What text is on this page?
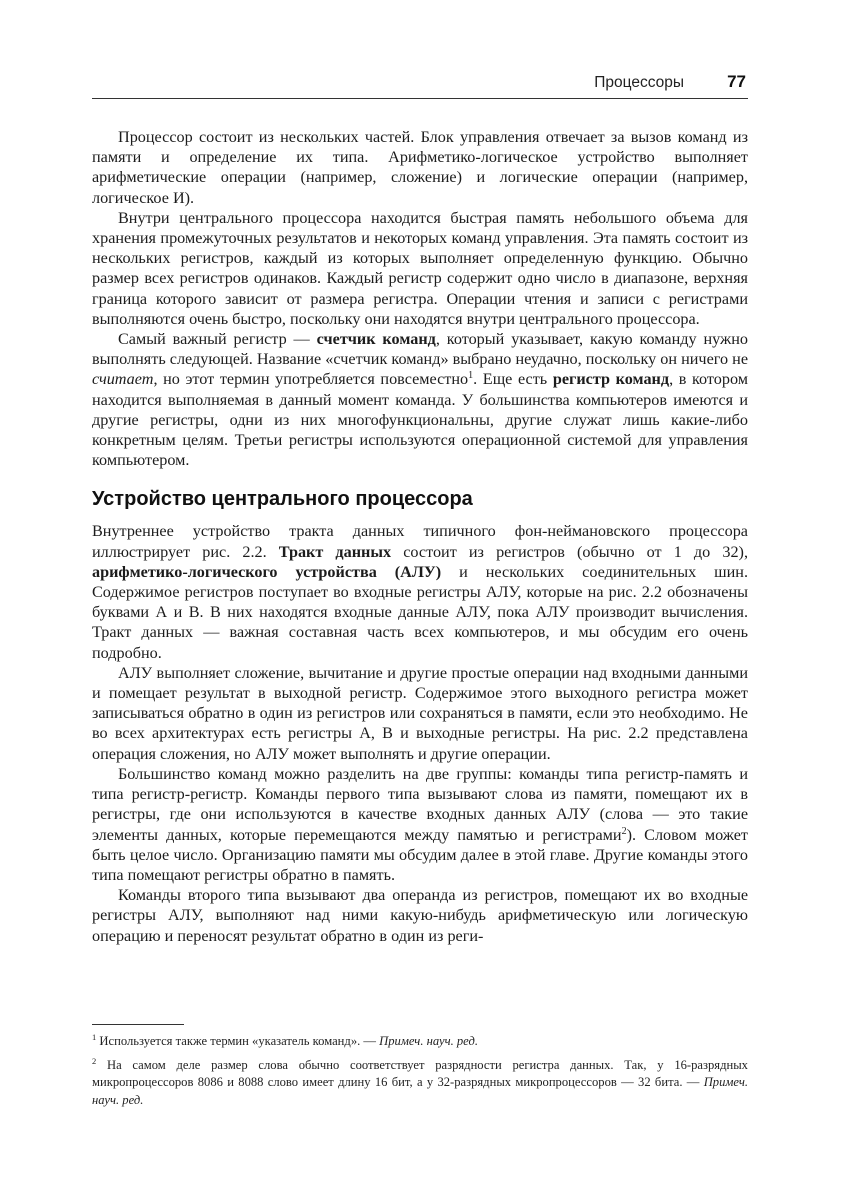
Процессоры	77

Процессор состоит из нескольких частей. Блок управления отвечает за вызов команд из памяти и определение их типа. Арифметико-логическое устройство выполняет арифметические операции (например, сложение) и логические операции (например, логическое И).

Внутри центрального процессора находится быстрая память небольшого объема для хранения промежуточных результатов и некоторых команд управления. Эта память состоит из нескольких регистров, каждый из которых выполняет определенную функцию. Обычно размер всех регистров одинаков. Каждый регистр содержит одно число в диапазоне, верхняя граница которого зависит от размера регистра. Операции чтения и записи с регистрами выполняются очень быстро, поскольку они находятся внутри центрального процессора.

Самый важный регистр — счетчик команд, который указывает, какую команду нужно выполнять следующей. Название «счетчик команд» выбрано неудачно, поскольку он ничего не считает, но этот термин употребляется повсеместно$^1$. Еще есть регистр команд, в котором находится выполняемая в данный момент команда. У большинства компьютеров имеются и другие регистры, одни из них многофункциональны, другие служат лишь какие-либо конкретным целям. Третьи регистры используются операционной системой для управления компьютером.

Устройство центрального процессора

Внутреннее устройство тракта данных типичного фон-неймановского процессора иллюстрирует рис. 2.2. Тракт данных состоит из регистров (обычно от 1 до 32), арифметико-логического устройства (АЛУ) и нескольких соединительных шин. Содержимое регистров поступает во входные регистры АЛУ, которые на рис. 2.2 обозначены буквами А и В. В них находятся входные данные АЛУ, пока АЛУ производит вычисления. Тракт данных — важная составная часть всех компьютеров, и мы обсудим его очень подробно.

АЛУ выполняет сложение, вычитание и другие простые операции над входными данными и помещает результат в выходной регистр. Содержимое этого выходного регистра может записываться обратно в один из регистров или сохраняться в памяти, если это необходимо. Не во всех архитектурах есть регистры А, В и выходные регистры. На рис. 2.2 представлена операция сложения, но АЛУ может выполнять и другие операции.

Большинство команд можно разделить на две группы: команды типа регистр-память и типа регистр-регистр. Команды первого типа вызывают слова из памяти, помещают их в регистры, где они используются в качестве входных данных АЛУ (слова — это такие элементы данных, которые перемещаются между памятью и регистрами$^2$). Словом может быть целое число. Организацию памяти мы обсудим далее в этой главе. Другие команды этого типа помещают регистры обратно в память.

Команды второго типа вызывают два операнда из регистров, помещают их во входные регистры АЛУ, выполняют над ними какую-нибудь арифметическую или логическую операцию и переносят результат обратно в один из реги-

$^1$ Используется также термин «указатель команд». — Примеч. науч. ред.

$^2$ На самом деле размер слова обычно соответствует разрядности регистра данных. Так, у 16-разрядных микропроцессоров 8086 и 8088 слово имеет длину 16 бит, а у 32-разрядных микропроцессоров — 32 бита. — Примеч. науч. ред.
